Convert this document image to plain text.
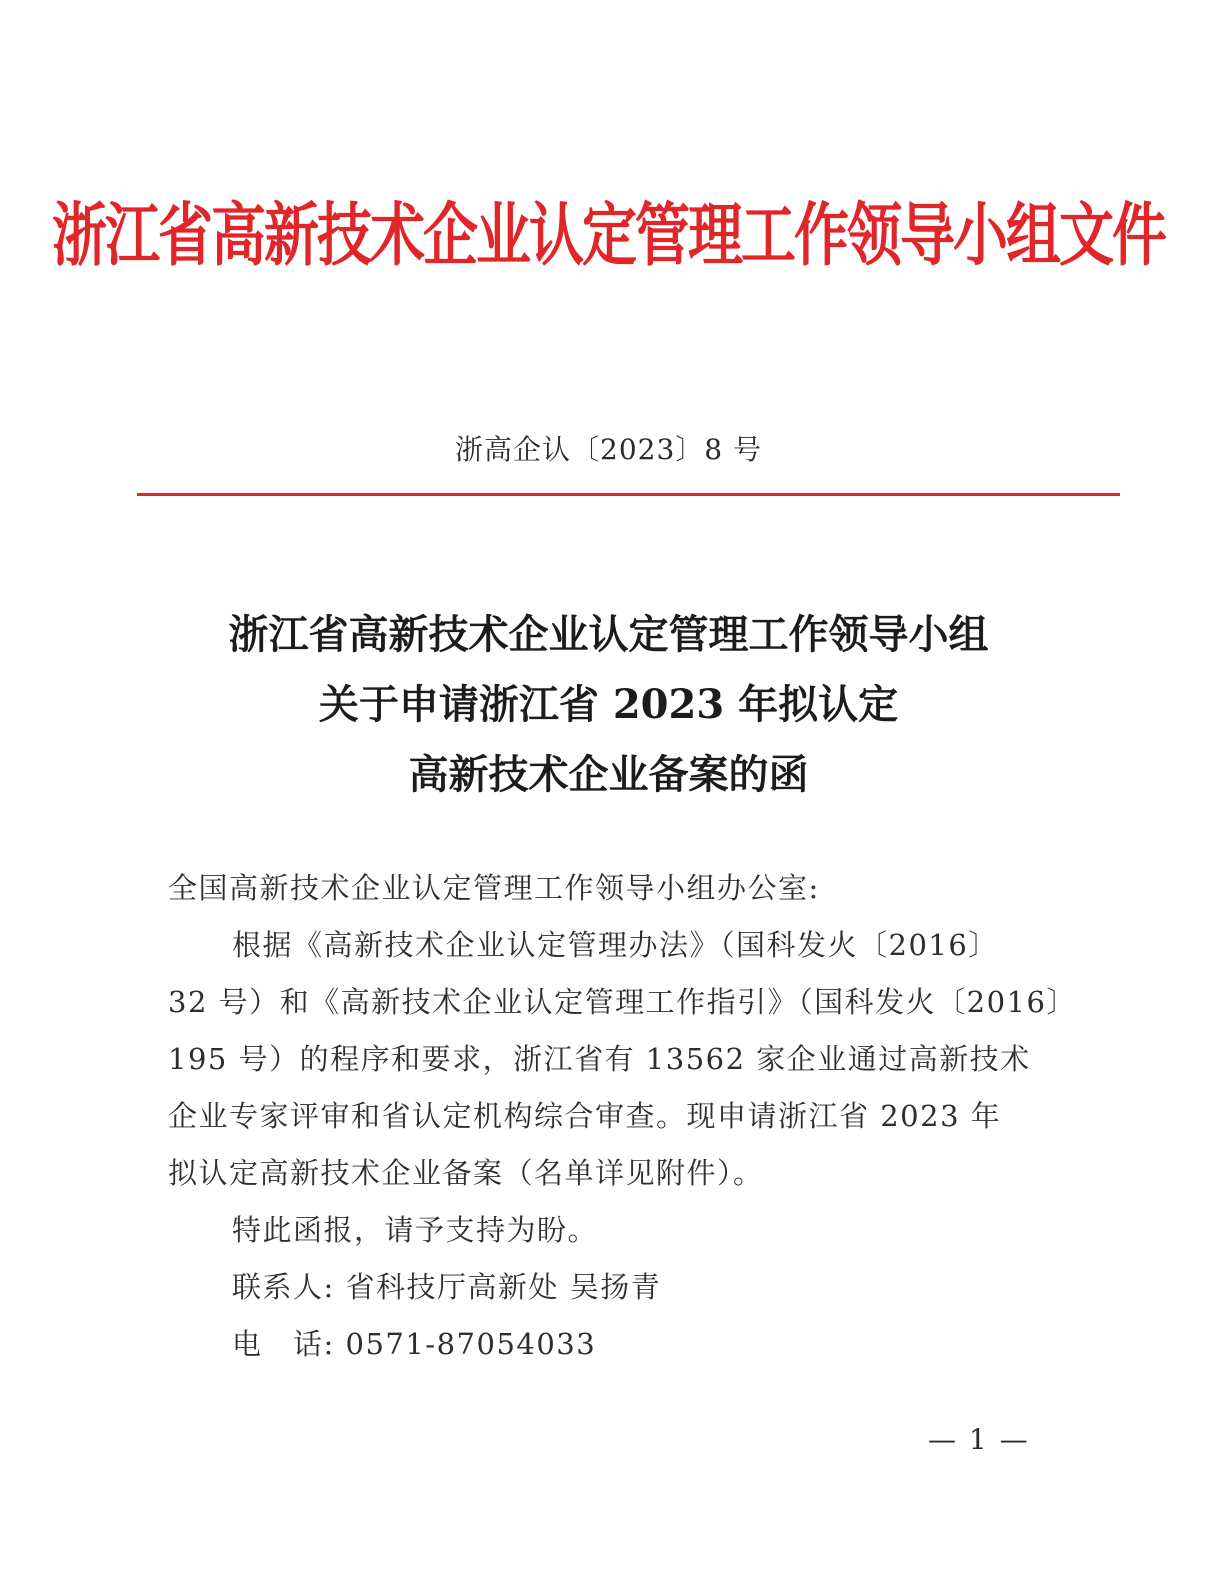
浙江省高新技术企业认定管理工作领导小组文件
浙高企认〔2023〕8 号
浙江省高新技术企业认定管理工作领导小组
关于申请浙江省 2023 年拟认定
高新技术企业备案的函
全国高新技术企业认定管理工作领导小组办公室:
根据《高新技术企业认定管理办法》（国科发火〔2016〕
32 号）和《高新技术企业认定管理工作指引》（国科发火〔2016〕
195 号）的程序和要求，浙江省有 13562 家企业通过高新技术
企业专家评审和省认定机构综合审查。现申请浙江省 2023 年
拟认定高新技术企业备案（名单详见附件）。
特此函报，请予支持为盼。
联系人: 省科技厅高新处 吴扬青
电　话: 0571-87054033
— 1 —
